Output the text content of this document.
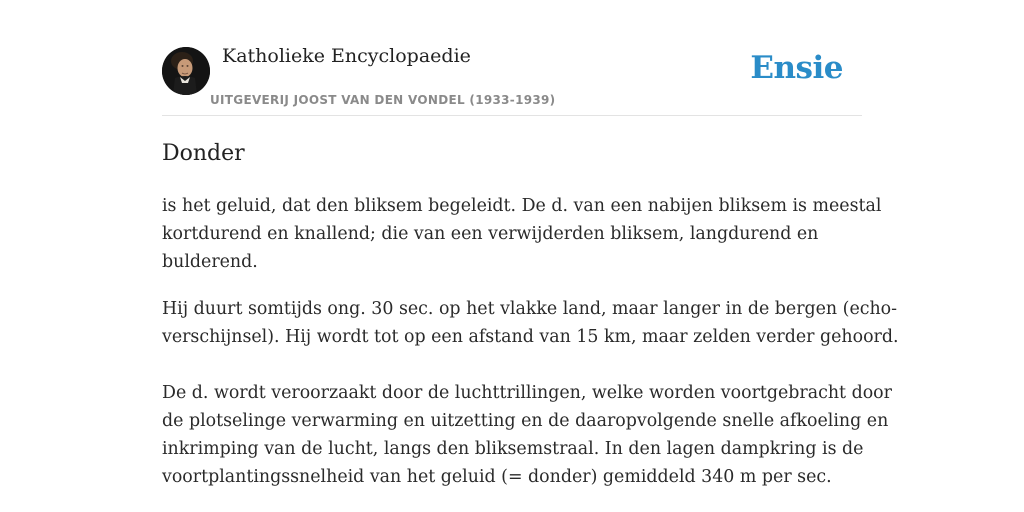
Katholieke Encyclopaedie
UITGEVERIJ JOOST VAN DEN VONDEL (1933-1939)
Ensie
Donder

is het geluid, dat den bliksem begeleidt. De d. van een nabijen bliksem is meestal
kortdurend en knallend; die van een verwijderden bliksem, langdurend en
bulderend.

Hij duurt somtijds ong. 30 sec. op het vlakke land, maar langer in de bergen (echo-
verschijnsel). Hij wordt tot op een afstand van 15 km, maar zelden verder gehoord.

De d. wordt veroorzaakt door de luchttrillingen, welke worden voortgebracht door
de plotselinge verwarming en uitzetting en de daaropvolgende snelle afkoeling en
inkrimping van de lucht, langs den bliksemstraal. In den lagen dampkring is de
voortplantingssnelheid van het geluid (= donder) gemiddeld 340 m per sec.
